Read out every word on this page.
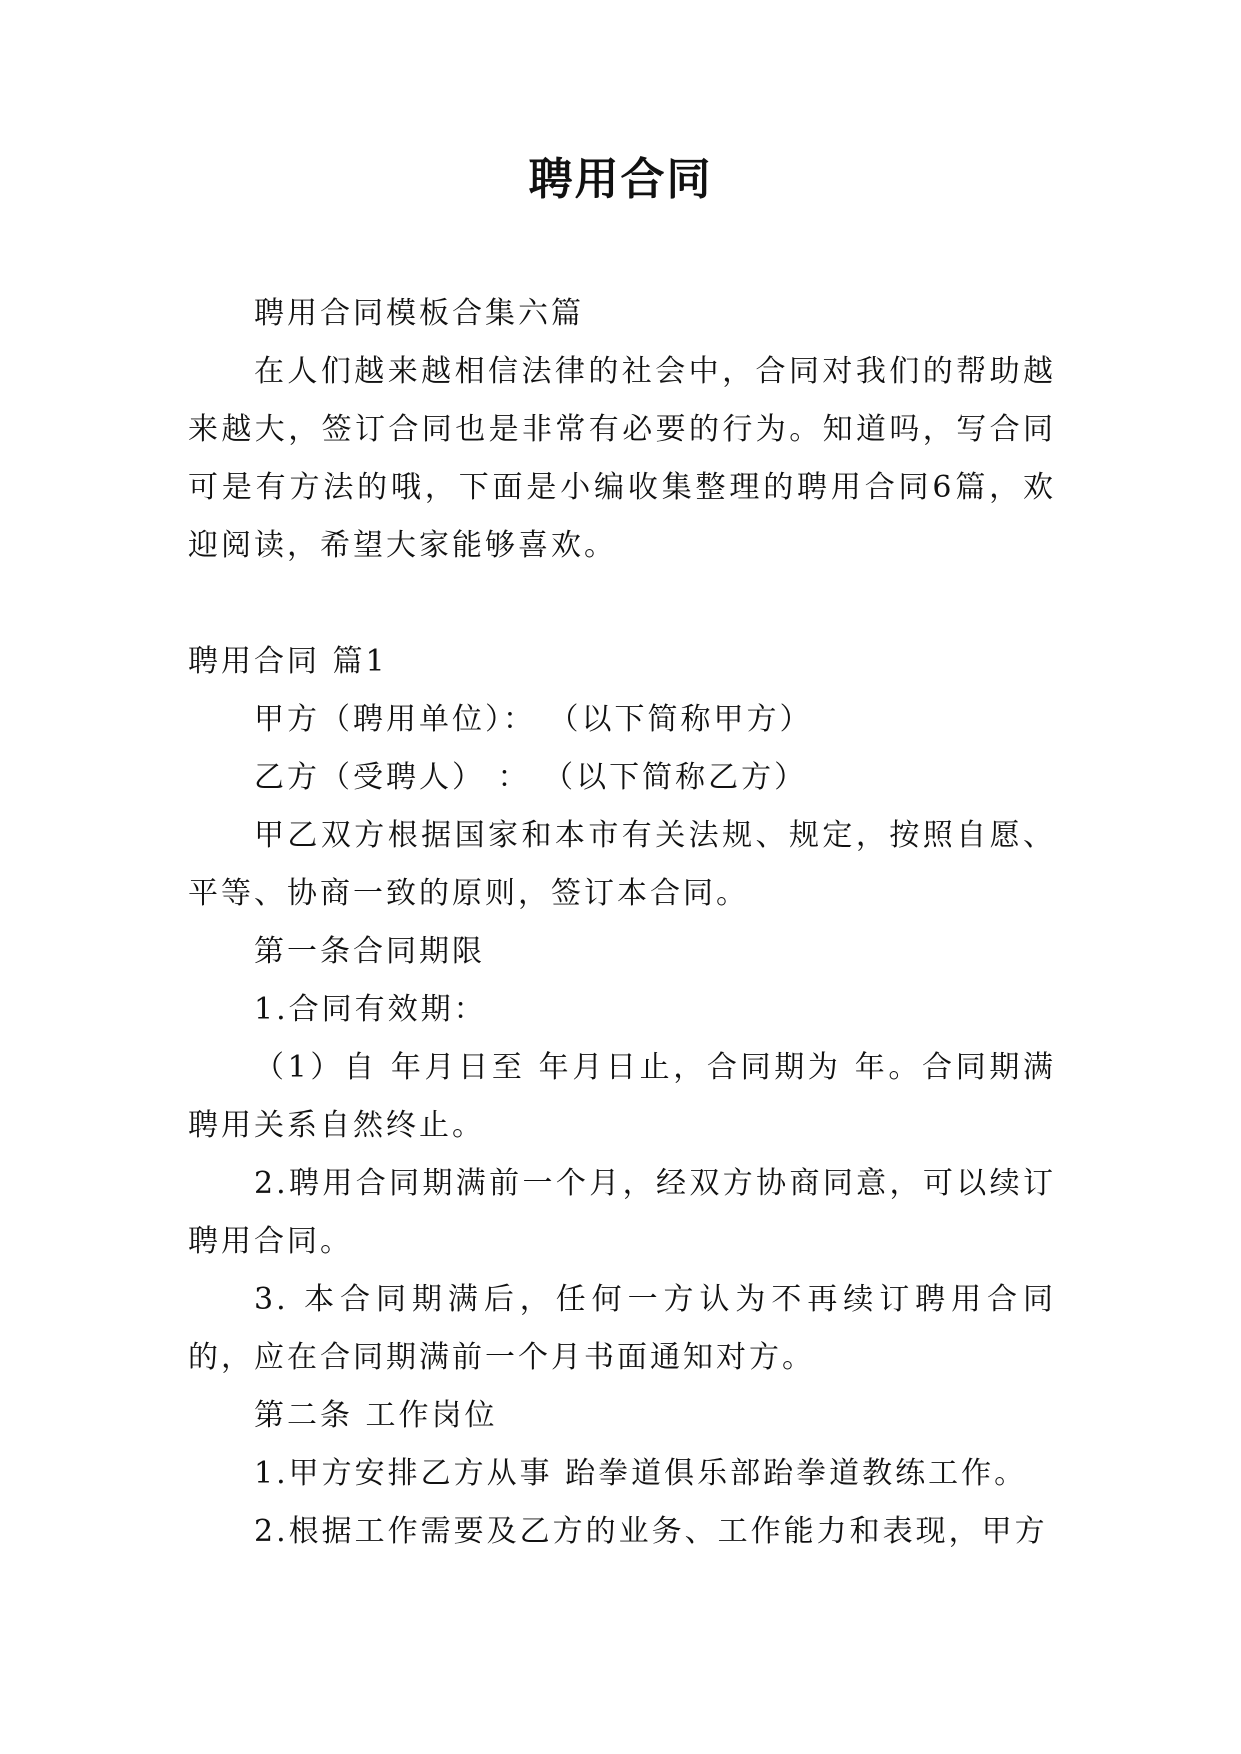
聘用合同

聘用合同模板合集六篇

在人们越来越相信法律的社会中，合同对我们的帮助越来越大，签订合同也是非常有必要的行为。知道吗，写合同可是有方法的哦，下面是小编收集整理的聘用合同6篇，欢迎阅读，希望大家能够喜欢。

聘用合同 篇1

甲方（聘用单位）： （以下简称甲方）

乙方（受聘人） ： （以下简称乙方）

甲乙双方根据国家和本市有关法规、规定，按照自愿、平等、协商一致的原则，签订本合同。

第一条合同期限

1.合同有效期：

（1）自 年月日至 年月日止，合同期为 年。合同期满聘用关系自然终止。

2.聘用合同期满前一个月，经双方协商同意，可以续订聘用合同。

3. 本合同期满后，任何一方认为不再续订聘用合同的，应在合同期满前一个月书面通知对方。

第二条 工作岗位

1.甲方安排乙方从事 跆拳道俱乐部跆拳道教练工作。

2.根据工作需要及乙方的业务、工作能力和表现，甲方
